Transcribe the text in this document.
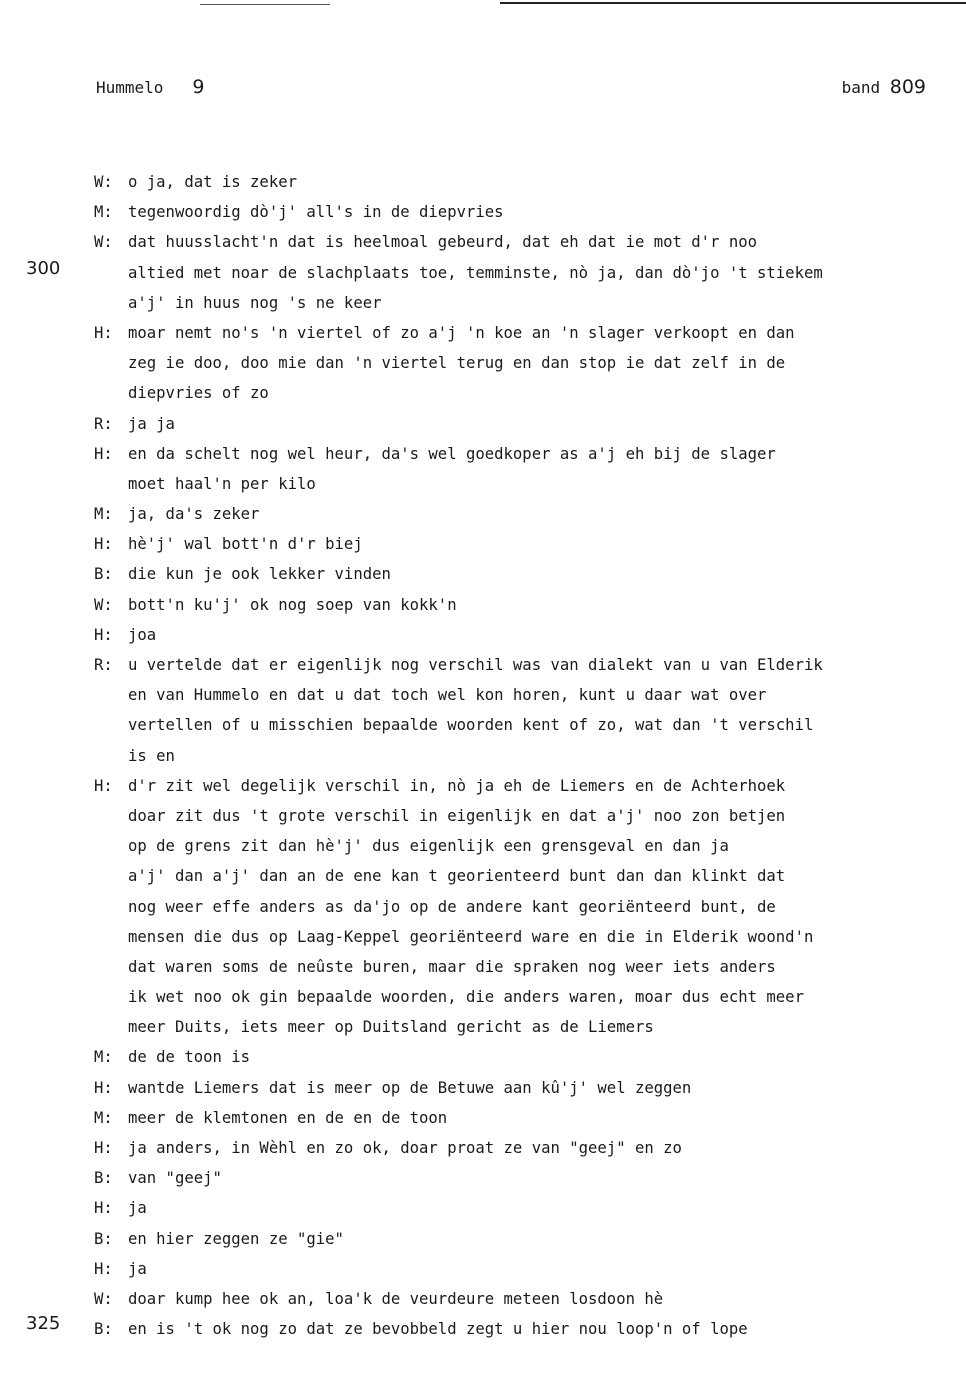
Hummelo 9	band 809
300
325
W: o ja, dat is zeker
M: tegenwoordig dò'j' all's in de diepvries
W: dat huusslacht'n dat is heelmoal gebeurd, dat eh dat ie mot d'r noo
altied met noar de slachplaats toe, temminste, nò ja, dan dò'jo 't stiekem
a'j' in huus nog 's ne keer
H: moar nemt no's 'n viertel of zo a'j 'n koe an 'n slager verkoopt en dan
zeg ie doo, doo mie dan 'n viertel terug en dan stop ie dat zelf in de
diepvries of zo
R: ja ja
H: en da schelt nog wel heur, da's wel goedkoper as a'j eh bij de slager
moet haal'n per kilo
M: ja, da's zeker
H: hè'j' wal bott'n d'r biej
B: die kun je ook lekker vinden
W: bott'n ku'j' ok nog soep van kokk'n
H: joa
R: u vertelde dat er eigenlijk nog verschil was van dialekt van u van Elderik
en van Hummelo en dat u dat toch wel kon horen, kunt u daar wat over
vertellen of u misschien bepaalde woorden kent of zo, wat dan 't verschil
is en
H: d'r zit wel degelijk verschil in, nò ja eh de Liemers en de Achterhoek
doar zit dus 't grote verschil in eigenlijk en dat a'j' noo zon betjen
op de grens zit dan hè'j' dus eigenlijk een grensgeval en dan ja
a'j' dan a'j' dan an de ene kan t georienteerd bunt dan dan klinkt dat
nog weer effe anders as da'jo op de andere kant georiënteerd bunt, de
mensen die dus op Laag-Keppel georiënteerd ware en die in Elderik woond'n
dat waren soms de neûste buren, maar die spraken nog weer iets anders
ik wet noo ok gin bepaalde woorden, die anders waren, moar dus echt meer
meer Duits, iets meer op Duitsland gericht as de Liemers
M: de de toon is
H: wantde Liemers dat is meer op de Betuwe aan kû'j' wel zeggen
M: meer de klemtonen en de en de toon
H: ja anders, in Wèhl en zo ok, doar proat ze van "geej" en zo
B: van "geej"
H: ja
B: en hier zeggen ze "gie"
H: ja
W: doar kump hee ok an, loa'k de veurdeure meteen losdoon hè
B: en is 't ok nog zo dat ze bevobbeld zegt u hier nou loop'n of lope
